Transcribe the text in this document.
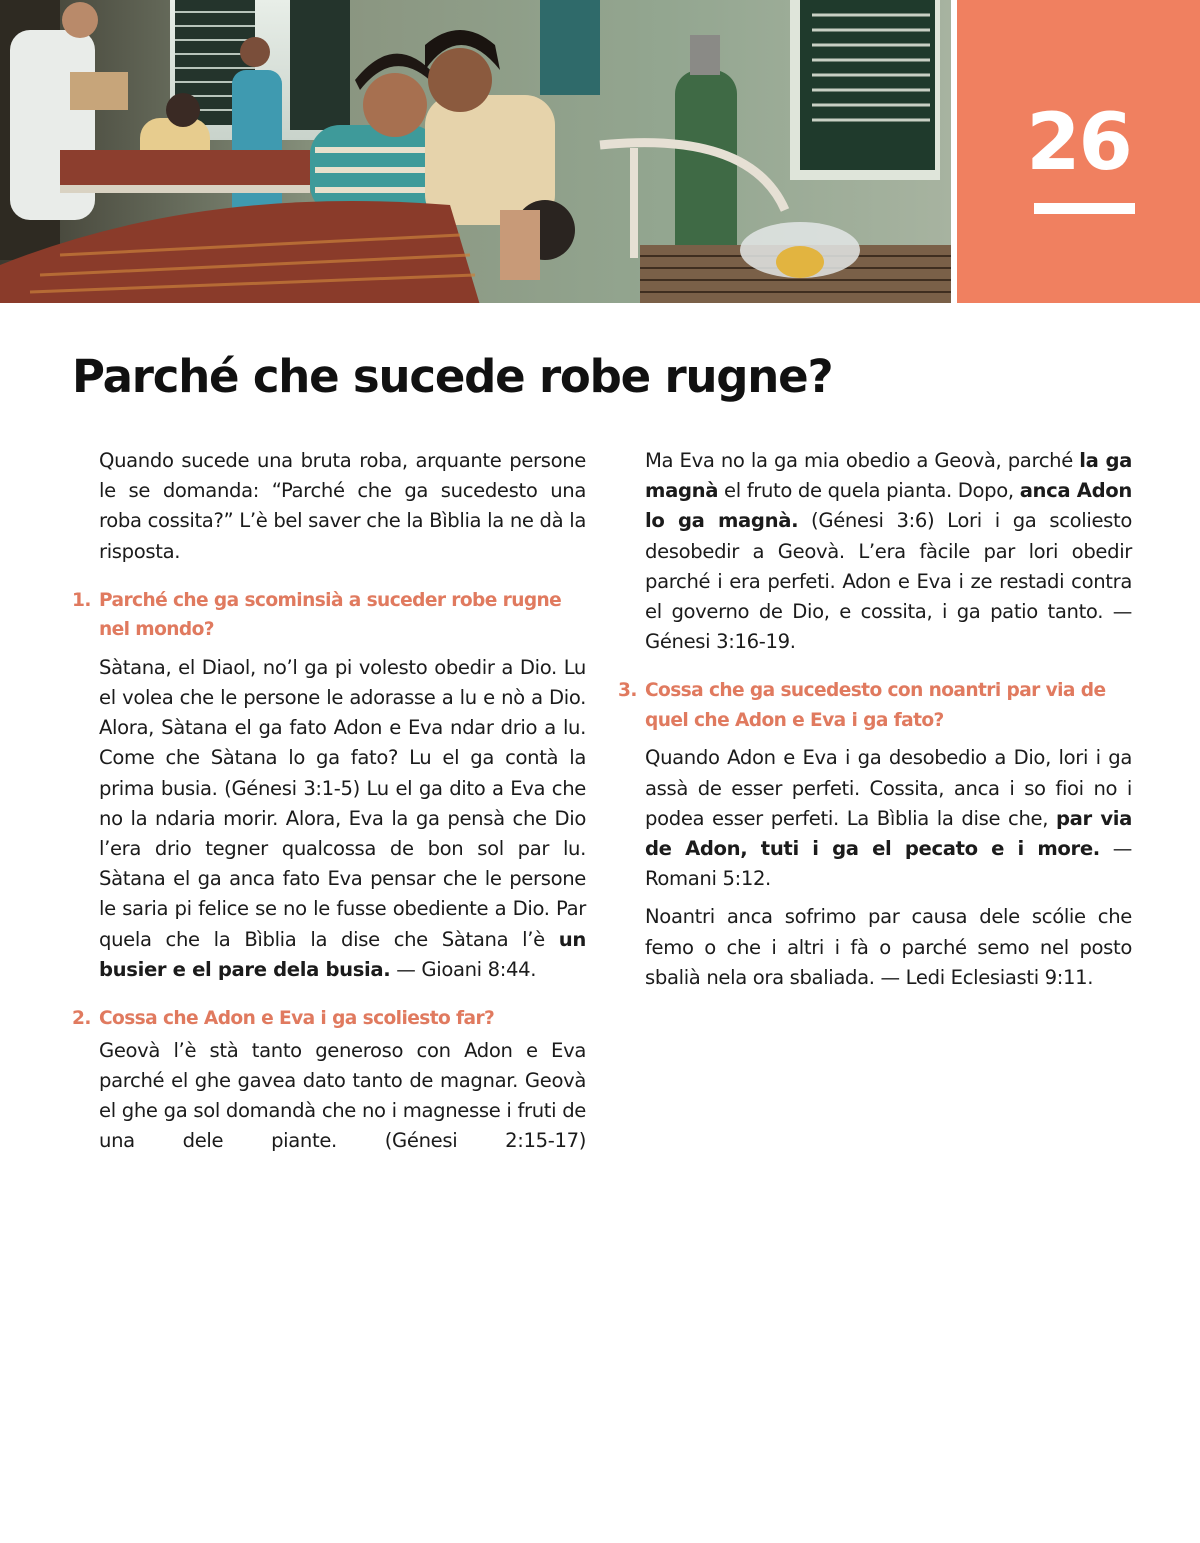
26
Parché che sucede robe rugne?

Quando sucede una bruta roba, arquante persone le se domanda: “Parché che ga sucedesto una roba cossita?” L’è bel saver che la Bìblia la ne dà la risposta.

1. Parché che ga scominsià a suceder robe rugne nel mondo?

Sàtana, el Diaol, no’l ga pi volesto obedir a Dio. Lu el volea che le persone le adorasse a lu e nò a Dio. Alora, Sàtana el ga fato Adon e Eva ndar drio a lu. Come che Sàtana lo ga fato? Lu el ga contà la prima busia. (Génesi 3:1-5) Lu el ga dito a Eva che no la ndaria morir. Alora, Eva la ga pensà che Dio l’era drio tegner qualcossa de bon sol par lu. Sàtana el ga anca fato Eva pensar che le persone le saria pi felice se no le fusse obediente a Dio. Par quela che la Bìblia la dise che Sàtana l’è un busier e el pare dela busia. — Gioani 8:44.

2. Cossa che Adon e Eva i ga scoliesto far?

Geovà l’è stà tanto generoso con Adon e Eva parché el ghe gavea dato tanto de magnar. Geovà el ghe ga sol domandà che no i magnesse i fruti de una dele piante. (Génesi 2:15-17)

Ma Eva no la ga mia obedio a Geovà, parché la ga magnà el fruto de quela pianta. Dopo, anca Adon lo ga magnà. (Génesi 3:6) Lori i ga scoliesto desobedir a Geovà. L’era fàcile par lori obedir parché i era perfeti. Adon e Eva i ze restadi contra el governo de Dio, e cossita, i ga patio tanto. — Génesi 3:16-19.

3. Cossa che ga sucedesto con noantri par via de quel che Adon e Eva i ga fato?

Quando Adon e Eva i ga desobedio a Dio, lori i ga assà de esser perfeti. Cossita, anca i so fioi no i podea esser perfeti. La Bìblia la dise che, par via de Adon, tuti i ga el pecato e i more. — Romani 5:12.

Noantri anca sofrimo par causa dele scólie che femo o che i altri i fà o parché semo nel posto sbalià nela ora sbaliada. — Ledi Eclesiasti 9:11.
